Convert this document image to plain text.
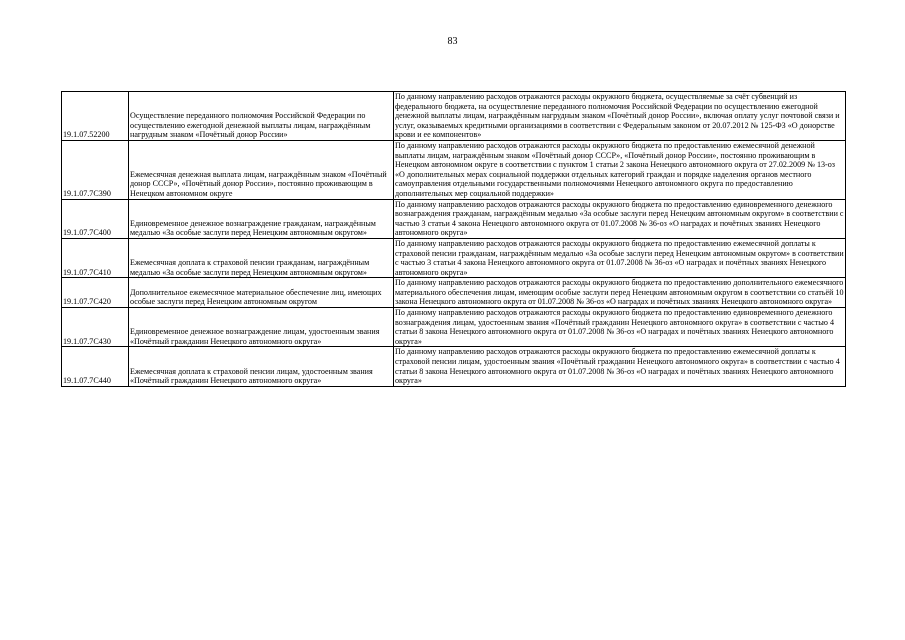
83
19.1.07.52200	Осуществление переданного полномочия Российской Федерации по осуществлению ежегодной денежной выплаты лицам, награждённым нагрудным знаком «Почётный донор России»	По данному направлению расходов отражаются расходы окружного бюджета, осуществляемые за счёт субвенций из федерального бюджета, на осуществление переданного полномочия Российской Федерации по осуществлению ежегодной денежной выплаты лицам, награждённым нагрудным знаком «Почётный донор России», включая оплату услуг почтовой связи и услуг, оказываемых кредитными организациями в соответствии с Федеральным законом от 20.07.2012 № 125-ФЗ «О донорстве крови и ее компонентов»
19.1.07.7С390	Ежемесячная денежная выплата лицам, награждённым знаком «Почётный донор СССР», «Почётный донор России», постоянно проживающим в Ненецком автономном округе	По данному направлению расходов отражаются расходы окружного бюджета по предоставлению ежемесячной денежной выплаты лицам, награждённым знаком «Почётный донор СССР», «Почётный донор России», постоянно проживающим в Ненецком автономном округе в соответствии с пунктом 1 статьи 2 закона Ненецкого автономного округа от 27.02.2009 № 13-оз «О дополнительных мерах социальной поддержки отдельных категорий граждан и порядке наделения органов местного самоуправления отдельными государственными полномочиями Ненецкого автономного округа по предоставлению дополнительных мер социальной поддержки»
19.1.07.7С400	Единовременное денежное вознаграждение гражданам, награждённым медалью «За особые заслуги перед Ненецким автономным округом»	По данному направлению расходов отражаются расходы окружного бюджета по предоставлению единовременного денежного вознаграждения гражданам, награждённым медалью «За особые заслуги перед Ненецким автономным округом» в соответствии с частью 3 статьи 4 закона Ненецкого автономного округа от 01.07.2008 № 36-оз «О наградах и почётных званиях Ненецкого автономного округа»
19.1.07.7С410	Ежемесячная доплата к страховой пенсии гражданам, награждённым медалью «За особые заслуги перед Ненецким автономным округом»	По данному направлению расходов отражаются расходы окружного бюджета по предоставлению ежемесячной доплаты к страховой пенсии гражданам, награждённым медалью «За особые заслуги перед Ненецким автономным округом» в соответствии с частью 3 статьи 4 закона Ненецкого автономного округа от 01.07.2008 № 36-оз «О наградах и почётных званиях Ненецкого автономного округа»
19.1.07.7С420	Дополнительное ежемесячное материальное обеспечение лиц, имеющих особые заслуги перед Ненецким автономным округом	По данному направлению расходов отражаются расходы окружного бюджета по предоставлению дополнительного ежемесячного материального обеспечения лицам, имеющим особые заслуги перед Ненецким автономным округом в соответствии со статьёй 10 закона Ненецкого автономного округа от 01.07.2008 № 36-оз «О наградах и почётных званиях Ненецкого автономного округа»
19.1.07.7С430	Единовременное денежное вознаграждение лицам, удостоенным звания «Почётный гражданин Ненецкого автономного округа»	По данному направлению расходов отражаются расходы окружного бюджета по предоставлению единовременного денежного вознаграждения лицам, удостоенным звания «Почётный гражданин Ненецкого автономного округа» в соответствии с частью 4 статьи 8 закона Ненецкого автономного округа от 01.07.2008 № 36-оз «О наградах и почётных званиях Ненецкого автономного округа»
19.1.07.7С440	Ежемесячная доплата к страховой пенсии лицам, удостоенным звания «Почётный гражданин Ненецкого автономного округа»	По данному направлению расходов отражаются расходы окружного бюджета по предоставлению ежемесячной доплаты к страховой пенсии лицам, удостоенным звания «Почётный гражданин Ненецкого автономного округа» в соответствии с частью 4 статьи 8 закона Ненецкого автономного округа от 01.07.2008 № 36-оз «О наградах и почётных званиях Ненецкого автономного округа»
